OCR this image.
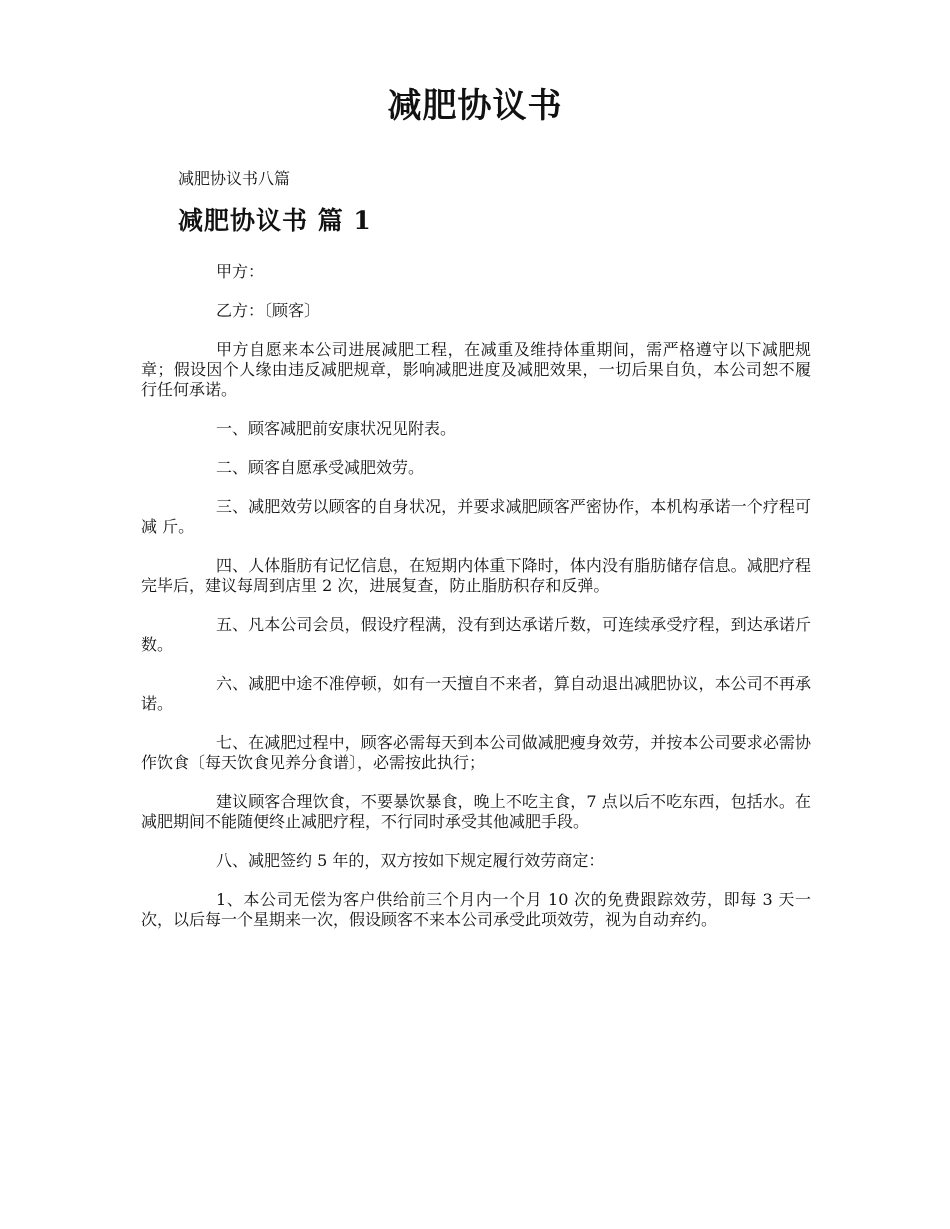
减肥协议书
减肥协议书八篇
减肥协议书 篇 1

甲方：

乙方：〔顾客〕

甲方自愿来本公司进展减肥工程，在减重及维持体重期间，需严格遵守以下减肥规章；假设因个人缘由违反减肥规章，影响减肥进度及减肥效果，一切后果自负，本公司恕不履行任何承诺。

一、顾客减肥前安康状况见附表。

二、顾客自愿承受减肥效劳。

三、减肥效劳以顾客的自身状况，并要求减肥顾客严密协作，本机构承诺一个疗程可减 斤。

四、人体脂肪有记忆信息，在短期内体重下降时，体内没有脂肪储存信息。减肥疗程完毕后，建议每周到店里 2 次，进展复查，防止脂肪积存和反弹。

五、凡本公司会员，假设疗程满，没有到达承诺斤数，可连续承受疗程，到达承诺斤数。

六、减肥中途不准停顿，如有一天擅自不来者，算自动退出减肥协议，本公司不再承诺。

七、在减肥过程中，顾客必需每天到本公司做减肥瘦身效劳，并按本公司要求必需协作饮食〔每天饮食见养分食谱〕，必需按此执行；

建议顾客合理饮食，不要暴饮暴食，晚上不吃主食，7 点以后不吃东西，包括水。在减肥期间不能随便终止减肥疗程，不行同时承受其他减肥手段。

八、减肥签约 5 年的，双方按如下规定履行效劳商定：

1、本公司无偿为客户供给前三个月内一个月 10 次的免费跟踪效劳，即每 3 天一次，以后每一个星期来一次，假设顾客不来本公司承受此项效劳，视为自动弃约。
